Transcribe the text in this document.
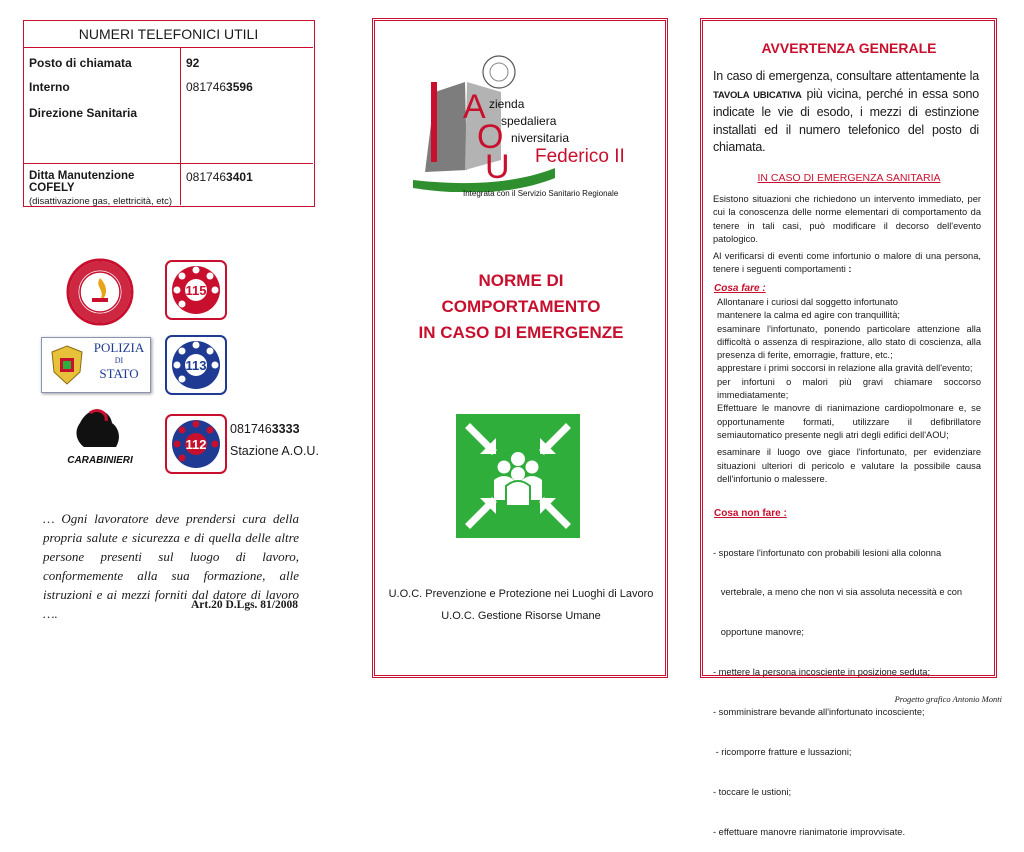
NUMERI TELEFONICI UTILI
Posto di chiamata	92
Interno	0817463596
Direzione Sanitaria
Ditta Manutenzione COFELY
(disattivazione gas, elettricità, etc)
0817463401
115
POLIZIA
DI
STATO
113
CARABINIERI
112
0817463333
Stazione A.O.U.
… Ogni lavoratore deve prendersi cura della propria salute e sicurezza e di quella delle altre persone presenti sul luogo di lavoro, conformemente alla sua formazione, alle istruzioni e ai mezzi forniti dal datore di lavoro ….
Art.20 D.Lgs. 81/2008
A
O
U
zienda
spedaliera
niversitaria
Federico II
Integrata con il Servizio Sanitario Regionale
NORME DI
COMPORTAMENTO
IN CASO DI EMERGENZE
U.O.C. Prevenzione e Protezione nei Luoghi di Lavoro
U.O.C. Gestione Risorse Umane
AVVERTENZA GENERALE
In caso di emergenza, consultare attentamente la TAVOLA UBICATIVA più vicina, perché in essa sono indicate le vie di esodo, i mezzi di estinzione installati ed il numero telefonico del posto di chiamata.
IN CASO DI EMERGENZA SANITARIA
Esistono situazioni che richiedono un intervento immediato, per cui la conoscenza delle norme elementari di comportamento da tenere in tali casi, può modificare il decorso dell'evento patologico.
Al verificarsi di eventi come infortunio o malore di una persona, tenere i seguenti comportamenti :
Cosa fare :
Allontanare i curiosi dal soggetto infortunato
mantenere la calma ed agire con tranquillità;
esaminare l'infortunato, ponendo particolare attenzione alla difficoltà o assenza di respirazione, allo stato di coscienza, alla presenza di ferite, emorragie, fratture, etc.;
apprestare i primi soccorsi in relazione alla gravità dell'evento;
per infortuni o malori più gravi chiamare soccorso immediatamente;
Effettuare le manovre di rianimazione cardiopolmonare e, se opportunamente formati, utilizzare il defibrillatore semiautomatico presente negli atri degli edifici dell'AOU;
esaminare il luogo ove giace l'infortunato, per evidenziare situazioni ulteriori di pericolo e valutare la possibile causa dell'infortunio o malessere.
Cosa non fare :

- spostare l'infortunato con probabili lesioni alla colonna

vertebrale, a meno che non vi sia assoluta necessità e con

opportune manovre;

- mettere la persona incosciente in posizione seduta;

- somministrare bevande all'infortunato incosciente;

- ricomporre fratture e lussazioni;

- toccare le ustioni;

- effettuare manovre rianimatorie improvvisate.

Progetto grafico Antonio Monti
